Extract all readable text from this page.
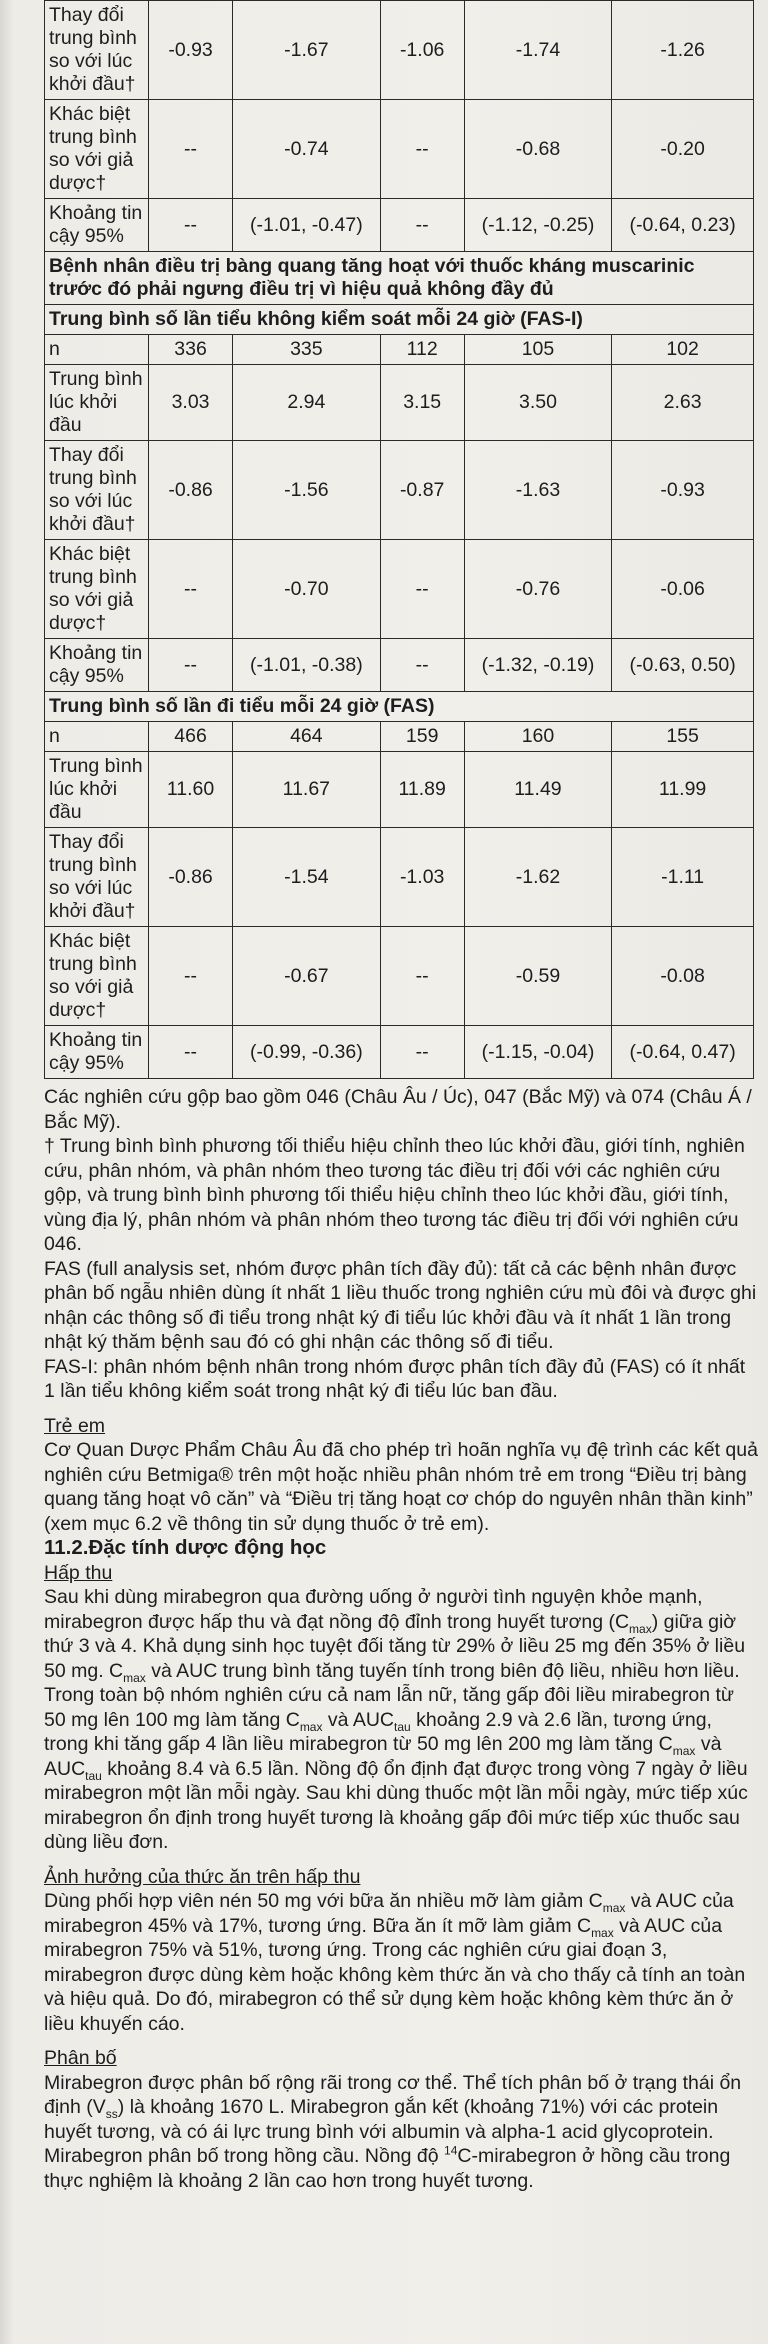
Thay đổi trung bình so với lúc khởi đầu†	-0.93	-1.67	-1.06	-1.74	-1.26
Khác biệt trung bình so với giả dược†	--	-0.74	--	-0.68	-0.20
Khoảng tin cậy 95%	--	(-1.01, -0.47)	--	(-1.12, -0.25)	(-0.64, 0.23)
Bệnh nhân điều trị bàng quang tăng hoạt với thuốc kháng muscarinic trước đó phải ngưng điều trị vì hiệu quả không đầy đủ					
Trung bình số lần tiểu không kiểm soát mỗi 24 giờ (FAS-I)					
n	336	335	112	105	102
Trung bình lúc khởi đầu	3.03	2.94	3.15	3.50	2.63
Thay đổi trung bình so với lúc khởi đầu†	-0.86	-1.56	-0.87	-1.63	-0.93
Khác biệt trung bình so với giả dược†	--	-0.70	--	-0.76	-0.06
Khoảng tin cậy 95%	--	(-1.01, -0.38)	--	(-1.32, -0.19)	(-0.63, 0.50)
Trung bình số lần đi tiểu mỗi 24 giờ (FAS)					
n	466	464	159	160	155
Trung bình lúc khởi đầu	11.60	11.67	11.89	11.49	11.99
Thay đổi trung bình so với lúc khởi đầu†	-0.86	-1.54	-1.03	-1.62	-1.11
Khác biệt trung bình so với giả dược†	--	-0.67	--	-0.59	-0.08
Khoảng tin cậy 95%	--	(-0.99, -0.36)	--	(-1.15, -0.04)	(-0.64, 0.47)

Các nghiên cứu gộp bao gồm 046 (Châu Âu / Úc), 047 (Bắc Mỹ) và 074 (Châu Á / Bắc Mỹ).

† Trung bình bình phương tối thiểu hiệu chỉnh theo lúc khởi đầu, giới tính, nghiên cứu, phân nhóm, và phân nhóm theo tương tác điều trị đối với các nghiên cứu gộp, và trung bình bình phương tối thiểu hiệu chỉnh theo lúc khởi đầu, giới tính, vùng địa lý, phân nhóm và phân nhóm theo tương tác điều trị đối với nghiên cứu 046.

FAS (full analysis set, nhóm được phân tích đầy đủ): tất cả các bệnh nhân được phân bố ngẫu nhiên dùng ít nhất 1 liều thuốc trong nghiên cứu mù đôi và được ghi nhận các thông số đi tiểu trong nhật ký đi tiểu lúc khởi đầu và ít nhất 1 lần trong nhật ký thăm bệnh sau đó có ghi nhận các thông số đi tiểu.

FAS-I: phân nhóm bệnh nhân trong nhóm được phân tích đầy đủ (FAS) có ít nhất 1 lần tiểu không kiểm soát trong nhật ký đi tiểu lúc ban đầu.

Trẻ em

Cơ Quan Dược Phẩm Châu Âu đã cho phép trì hoãn nghĩa vụ đệ trình các kết quả nghiên cứu Betmiga® trên một hoặc nhiều phân nhóm trẻ em trong “Điều trị bàng quang tăng hoạt vô căn” và “Điều trị tăng hoạt cơ chóp do nguyên nhân thần kinh” (xem mục 6.2 về thông tin sử dụng thuốc ở trẻ em).

11.2.Đặc tính dược động học

Hấp thu

Sau khi dùng mirabegron qua đường uống ở người tình nguyện khỏe mạnh, mirabegron được hấp thu và đạt nồng độ đỉnh trong huyết tương $(C_{max})$ giữa giờ thứ 3 và 4. Khả dụng sinh học tuyệt đối tăng từ 29% ở liều 25 mg đến 35% ở liều 50 mg. $C_{max}$ và AUC trung bình tăng tuyến tính trong biên độ liều, nhiều hơn liều. Trong toàn bộ nhóm nghiên cứu cả nam lẫn nữ, tăng gấp đôi liều mirabegron từ 50 mg lên 100 mg làm tăng $C_{max}$ và $AUC_{tau}$ khoảng 2.9 và 2.6 lần, tương ứng, trong khi tăng gấp 4 lần liều mirabegron từ 50 mg lên 200 mg làm tăng $C_{max}$ và $AUC_{tau}$ khoảng 8.4 và 6.5 lần. Nồng độ ổn định đạt được trong vòng 7 ngày ở liều mirabegron một lần mỗi ngày. Sau khi dùng thuốc một lần mỗi ngày, mức tiếp xúc mirabegron ổn định trong huyết tương là khoảng gấp đôi mức tiếp xúc thuốc sau dùng liều đơn.

Ảnh hưởng của thức ăn trên hấp thu

Dùng phối hợp viên nén 50 mg với bữa ăn nhiều mỡ làm giảm $C_{max}$ và AUC của mirabegron 45% và 17%, tương ứng. Bữa ăn ít mỡ làm giảm $C_{max}$ và AUC của mirabegron 75% và 51%, tương ứng. Trong các nghiên cứu giai đoạn 3, mirabegron được dùng kèm hoặc không kèm thức ăn và cho thấy cả tính an toàn và hiệu quả. Do đó, mirabegron có thể sử dụng kèm hoặc không kèm thức ăn ở liều khuyến cáo.

Phân bố

Mirabegron được phân bố rộng rãi trong cơ thể. Thể tích phân bố ở trạng thái ổn định $(V_{ss})$ là khoảng 1670 L. Mirabegron gắn kết (khoảng 71%) với các protein huyết tương, và có ái lực trung bình với albumin và alpha-1 acid glycoprotein. Mirabegron phân bố trong hồng cầu. Nồng độ $^{14}$C-mirabegron ở hồng cầu trong thực nghiệm là khoảng 2 lần cao hơn trong huyết tương.
